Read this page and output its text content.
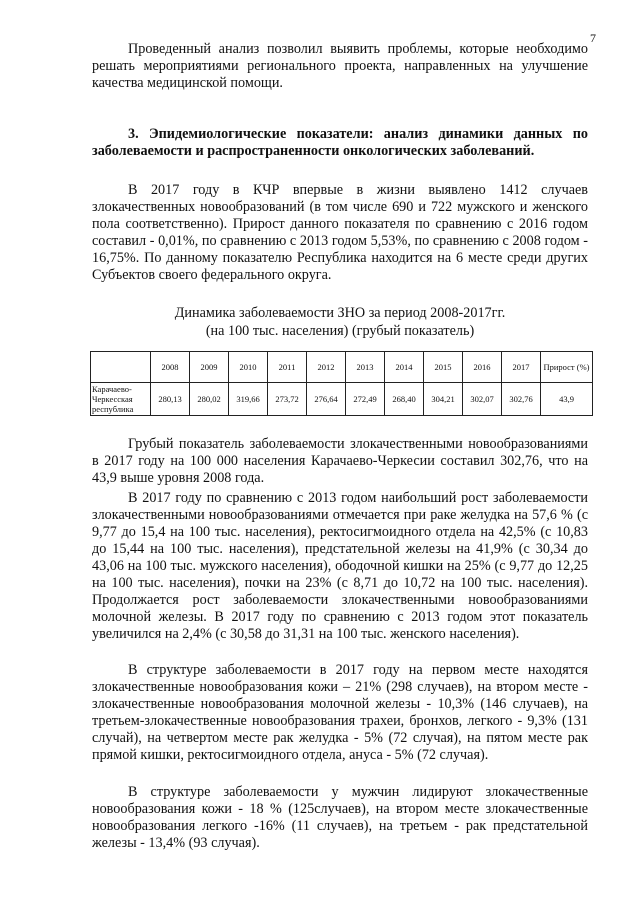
7

Проведенный анализ позволил выявить проблемы, которые необходимо решать мероприятиями регионального проекта, направленных на улучшение качества медицинской помощи.

3. Эпидемиологические показатели: анализ динамики данных по заболеваемости и распространенности онкологических заболеваний.

В 2017 году в КЧР впервые в жизни выявлено 1412 случаев злокачественных новообразований (в том числе 690 и 722 мужского и женского пола соответственно). Прирост данного показателя по сравнению с 2016 годом составил - 0,01%, по сравнению с 2013 годом 5,53%, по сравнению с 2008 годом - 16,75%. По данному показателю Республика находится на 6 месте среди других Субъектов своего федерального округа.

Динамика заболеваемости ЗНО за период 2008-2017гг.
(на 100 тыс. населения) (грубый показатель)
	2008	2009	2010	2011	2012	2013	2014	2015	2016	2017	Прирост (%)
Карачаево-Черкесская республика	280,13	280,02	319,66	273,72	276,64	272,49	268,40	304,21	302,07	302,76	43,9

Грубый показатель заболеваемости злокачественными новообразованиями в 2017 году на 100 000 населения Карачаево-Черкесии составил 302,76, что на 43,9 выше уровня 2008 года.

В 2017 году по сравнению с 2013 годом наибольший рост заболеваемости злокачественными новообразованиями отмечается при раке желудка на 57,6 % (с 9,77 до 15,4 на 100 тыс. населения), ректосигмоидного отдела на 42,5% (с 10,83 до 15,44 на 100 тыс. населения), предстательной железы на 41,9% (с 30,34 до 43,06 на 100 тыс. мужского населения), ободочной кишки на 25% (с 9,77 до 12,25 на 100 тыс. населения), почки на 23% (с 8,71 до 10,72 на 100 тыс. населения). Продолжается рост заболеваемости злокачественными новообразованиями молочной железы. В 2017 году по сравнению с 2013 годом этот показатель увеличился на 2,4% (с 30,58 до 31,31 на 100 тыс. женского населения).

В структуре заболеваемости в 2017 году на первом месте находятся злокачественные новообразования кожи – 21% (298 случаев), на втором месте - злокачественные новообразования молочной железы - 10,3% (146 случаев), на третьем-злокачественные новообразования трахеи, бронхов, легкого - 9,3% (131 случай), на четвертом месте рак желудка - 5% (72 случая), на пятом месте рак прямой кишки, ректосигмоидного отдела, ануса - 5% (72 случая).

В структуре заболеваемости у мужчин лидируют злокачественные новообразования кожи - 18 % (125случаев), на втором месте злокачественные новообразования легкого -16% (11 случаев), на третьем - рак предстательной железы - 13,4% (93 случая).
